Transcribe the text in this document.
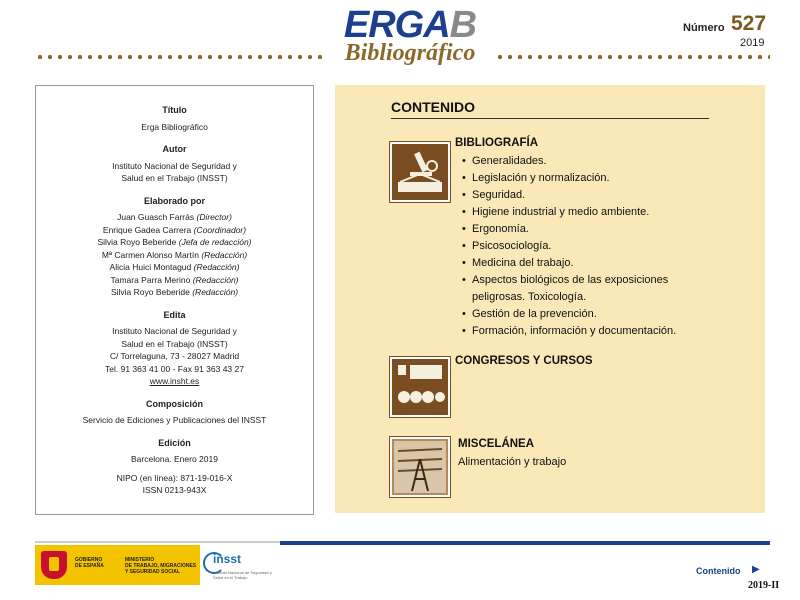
ERGAB
Bibliográfico
Número 527
2019
Título
Erga Bibliográfico
Autor
Instituto Nacional de Seguridad y
Salud en el Trabajo (INSST)
Elaborado por
Juan Guasch Farrás (Director)
Enrique Gadea Carrera (Coordinador)
Silvia Royo Beberide (Jefa de redacción)
Mª Carmen Alonso Martín (Redacción)
Alicia Huici Montagud (Redacción)
Tamara Parra Merino (Redacción)
Silvia Royo Beberide (Redacción)
Edita
Instituto Nacional de Seguridad y
Salud en el Trabajo (INSST)
C/ Torrelaguna, 73 - 28027 Madrid
Tel. 91 363 41 00 - Fax 91 363 43 27
www.insht.es
Composición
Servicio de Ediciones y Publicaciones del INSST
Edición
Barcelona. Enero 2019
NIPO (en línea): 871-19-016-X
ISSN 0213-943X
CONTENIDO
BIBLIOGRAFÍA
• Generalidades.
• Legislación y normalización.
• Seguridad.
• Higiene industrial y medio ambiente.
• Ergonomía.
• Psicosociología.
• Medicina del trabajo.
• Aspectos biológicos de las exposiciones
peligrosas. Toxicología.
• Gestión de la prevención.
• Formación, información y documentación.
CONGRESOS Y CURSOS
MISCELÁNEA
Alimentación y trabajo
GOBIERNO
DE ESPAÑA
MINISTERIO
DE TRABAJO, MIGRACIONES
Y SEGURIDAD SOCIAL
insst
Instituto Nacional de Seguridad y Salud en el Trabajo
Contenido ▶
2019-II
